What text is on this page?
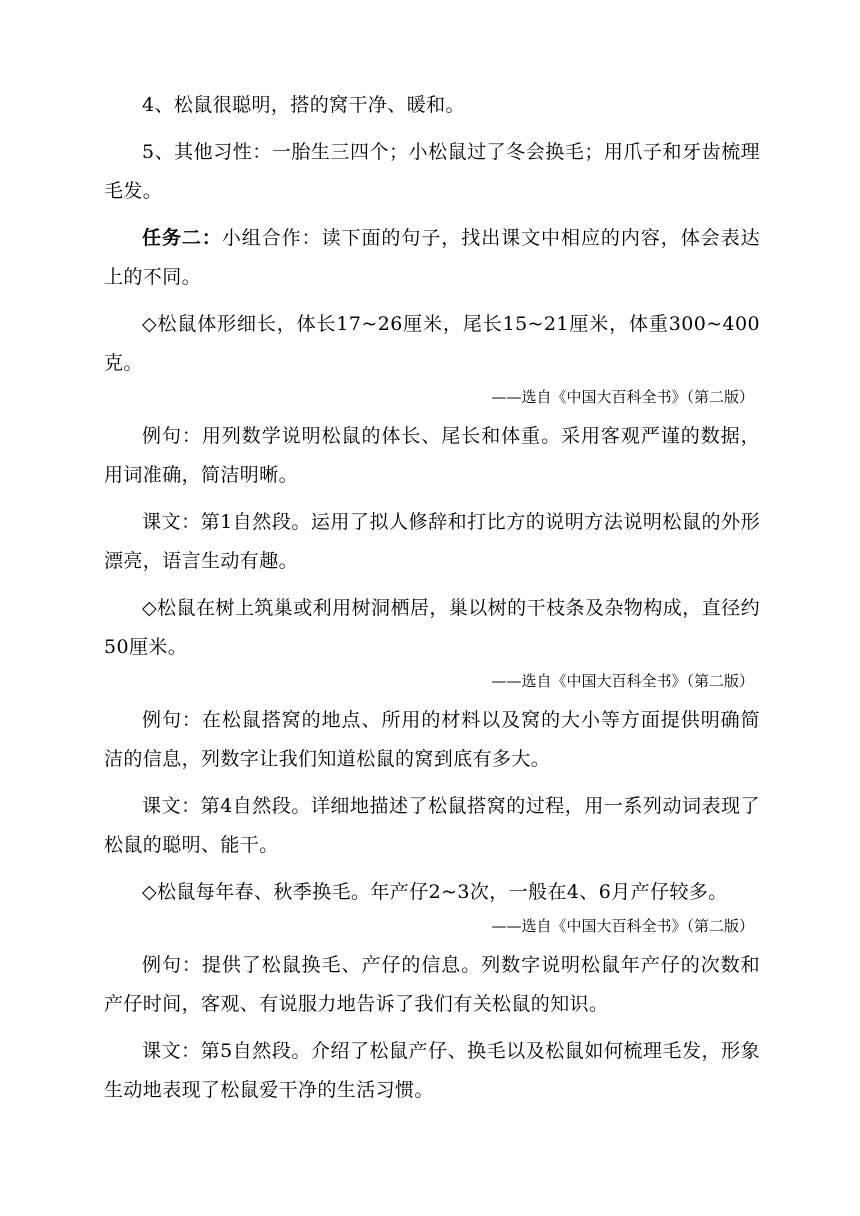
4、松鼠很聪明，搭的窝干净、暖和。

5、其他习性：一胎生三四个；小松鼠过了冬会换毛；用爪子和牙齿梳理毛发。

任务二：小组合作：读下面的句子，找出课文中相应的内容，体会表达上的不同。

◇松鼠体形细长，体长17~26厘米，尾长15~21厘米，体重300~400克。

——选自《中国大百科全书》（第二版）

例句：用列数学说明松鼠的体长、尾长和体重。采用客观严谨的数据，用词准确，简洁明晰。

课文：第1自然段。运用了拟人修辞和打比方的说明方法说明松鼠的外形漂亮，语言生动有趣。

◇松鼠在树上筑巢或利用树洞栖居，巢以树的干枝条及杂物构成，直径约50厘米。

——选自《中国大百科全书》（第二版）

例句：在松鼠搭窝的地点、所用的材料以及窝的大小等方面提供明确简洁的信息，列数字让我们知道松鼠的窝到底有多大。

课文：第4自然段。详细地描述了松鼠搭窝的过程，用一系列动词表现了松鼠的聪明、能干。

◇松鼠每年春、秋季换毛。年产仔2~3次，一般在4、6月产仔较多。

——选自《中国大百科全书》（第二版）

例句：提供了松鼠换毛、产仔的信息。列数字说明松鼠年产仔的次数和产仔时间，客观、有说服力地告诉了我们有关松鼠的知识。

课文：第5自然段。介绍了松鼠产仔、换毛以及松鼠如何梳理毛发，形象生动地表现了松鼠爱干净的生活习惯。
